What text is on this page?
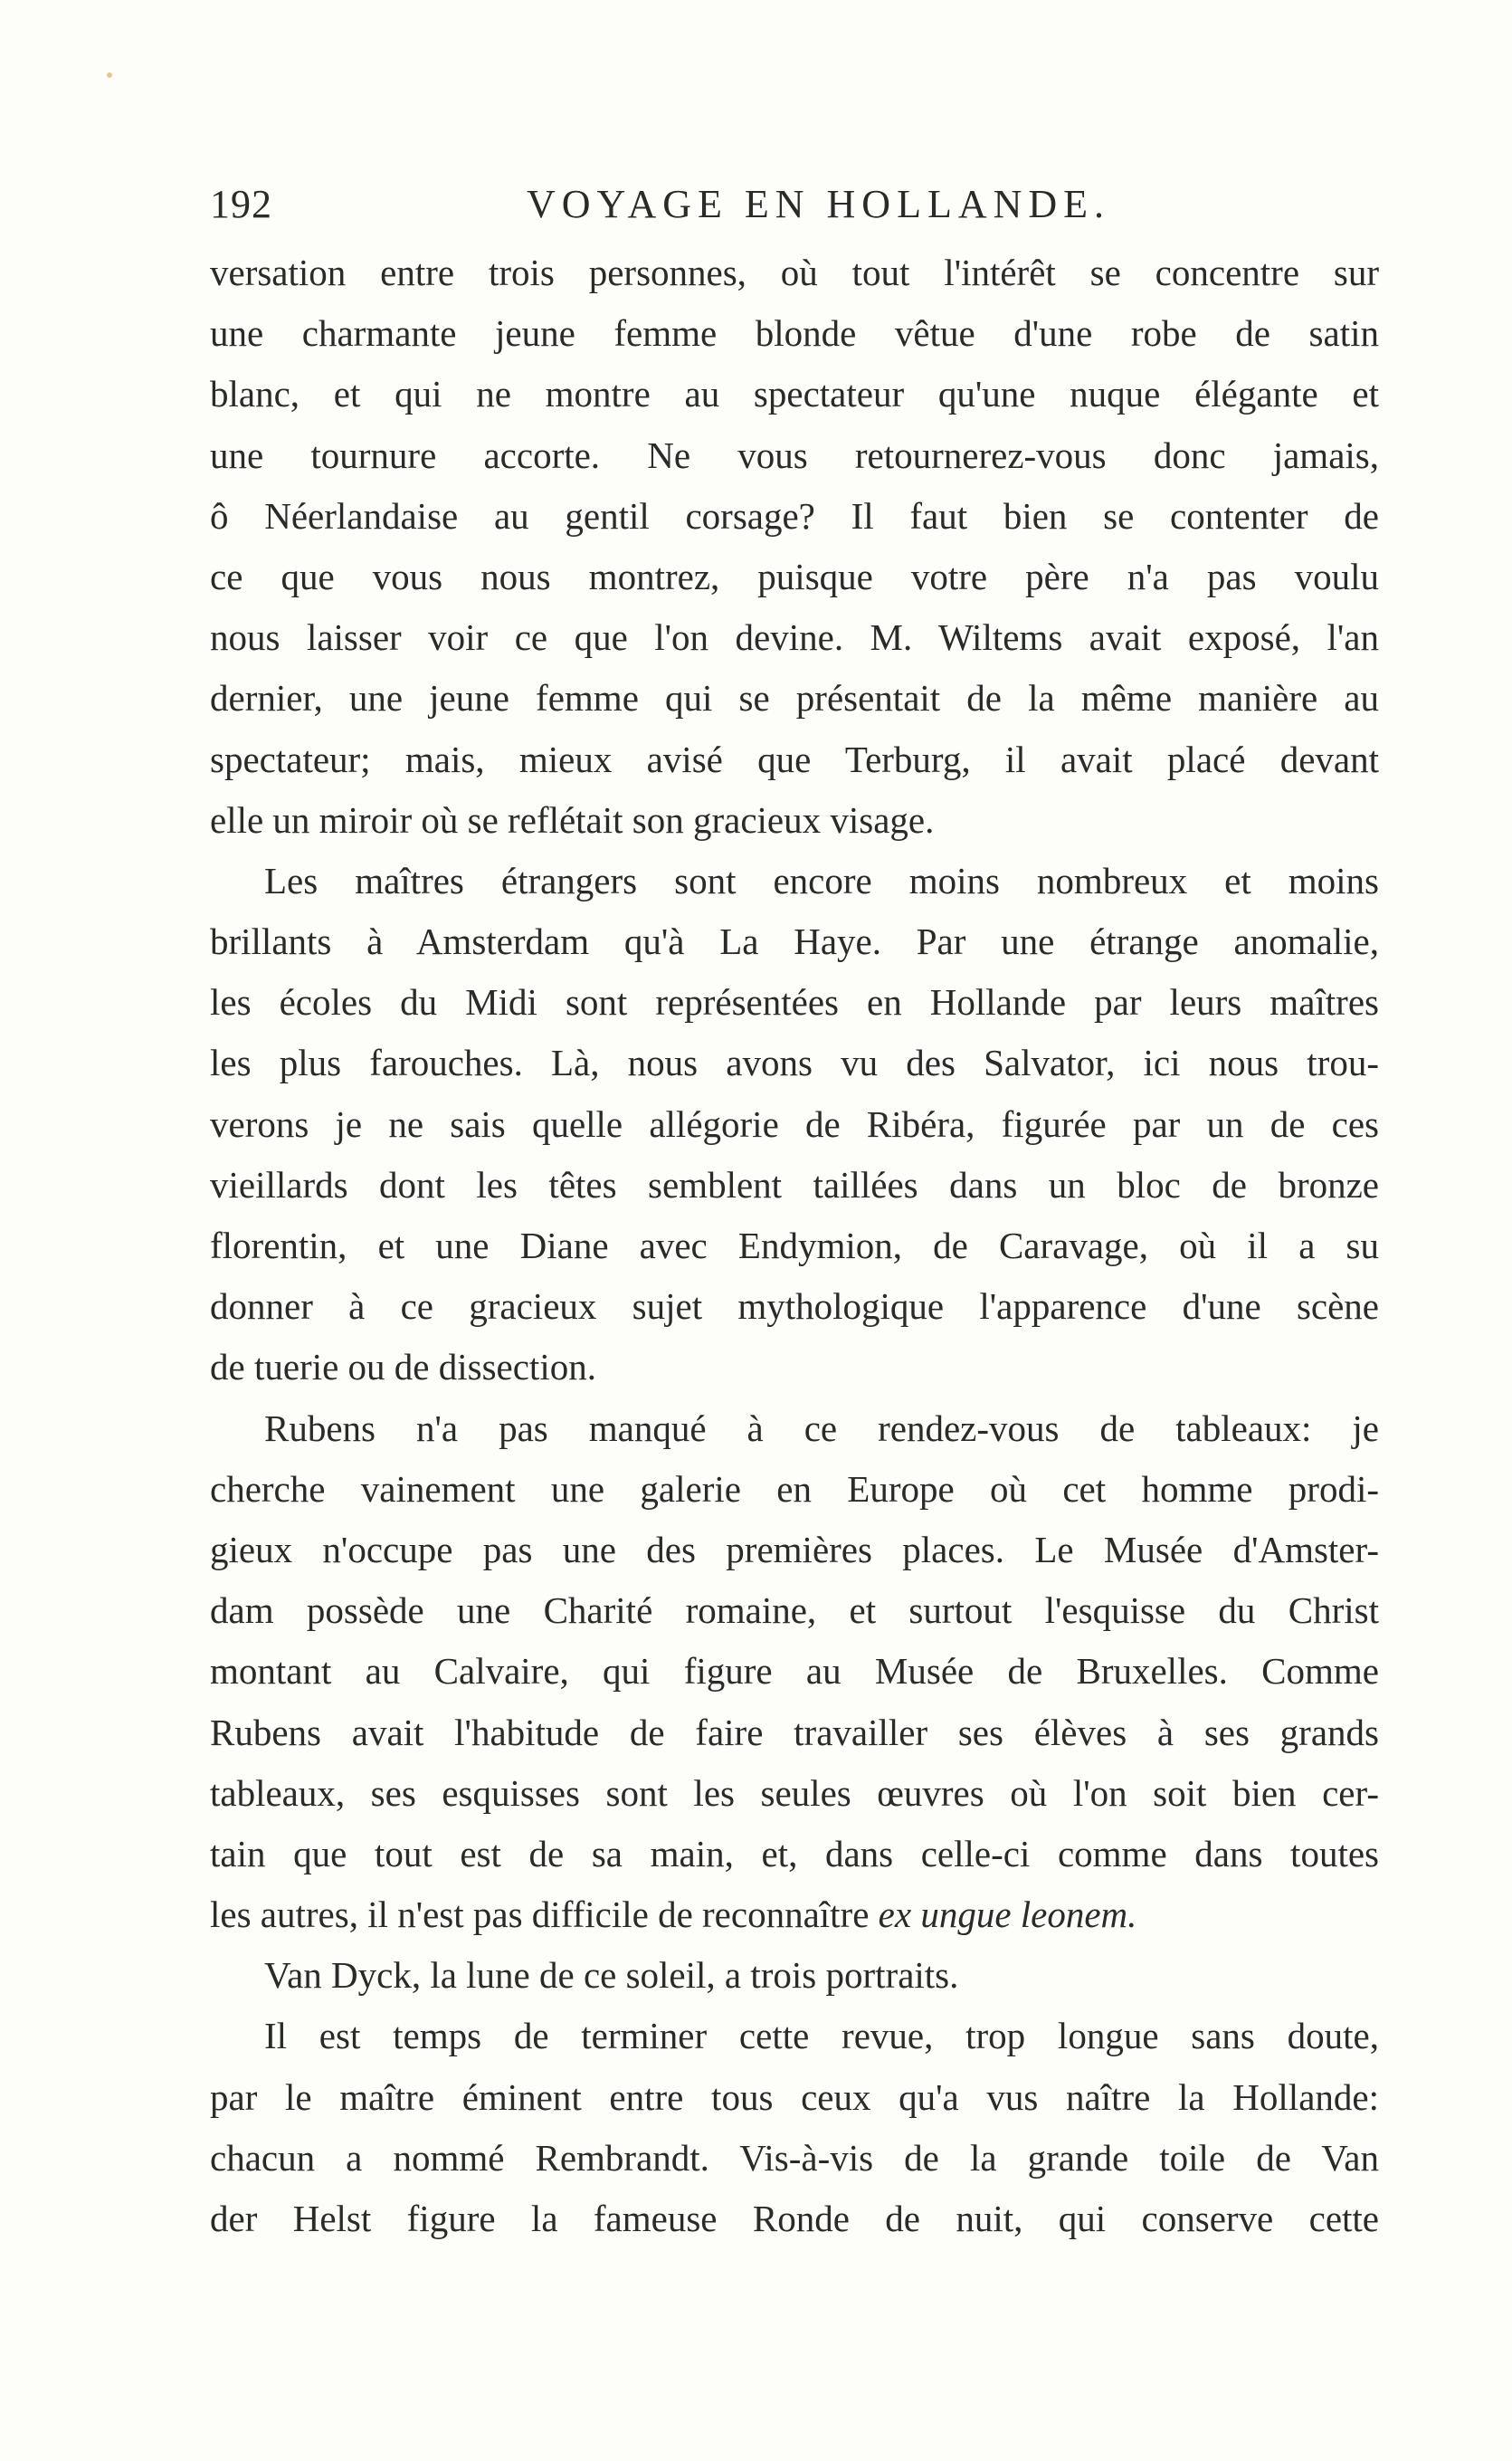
192	VOYAGE EN HOLLANDE.
versation entre trois personnes, où tout l'intérêt se concentre sur
une charmante jeune femme blonde vêtue d'une robe de satin
blanc, et qui ne montre au spectateur qu'une nuque élégante et
une tournure accorte. Ne vous retournerez-vous donc jamais,
ô Néerlandaise au gentil corsage? Il faut bien se contenter de
ce que vous nous montrez, puisque votre père n'a pas voulu
nous laisser voir ce que l'on devine. M. Wiltems avait exposé, l'an
dernier, une jeune femme qui se présentait de la même manière au
spectateur; mais, mieux avisé que Terburg, il avait placé devant
elle un miroir où se reflétait son gracieux visage.
Les maîtres étrangers sont encore moins nombreux et moins
brillants à Amsterdam qu'à La Haye. Par une étrange anomalie,
les écoles du Midi sont représentées en Hollande par leurs maîtres
les plus farouches. Là, nous avons vu des Salvator, ici nous trou-
verons je ne sais quelle allégorie de Ribéra, figurée par un de ces
vieillards dont les têtes semblent taillées dans un bloc de bronze
florentin, et une Diane avec Endymion, de Caravage, où il a su
donner à ce gracieux sujet mythologique l'apparence d'une scène
de tuerie ou de dissection.
Rubens n'a pas manqué à ce rendez-vous de tableaux: je
cherche vainement une galerie en Europe où cet homme prodi-
gieux n'occupe pas une des premières places. Le Musée d'Amster-
dam possède une Charité romaine, et surtout l'esquisse du Christ
montant au Calvaire, qui figure au Musée de Bruxelles. Comme
Rubens avait l'habitude de faire travailler ses élèves à ses grands
tableaux, ses esquisses sont les seules œuvres où l'on soit bien cer-
tain que tout est de sa main, et, dans celle-ci comme dans toutes
les autres, il n'est pas difficile de reconnaître ex ungue leonem.
Van Dyck, la lune de ce soleil, a trois portraits.
Il est temps de terminer cette revue, trop longue sans doute,
par le maître éminent entre tous ceux qu'a vus naître la Hollande:
chacun a nommé Rembrandt. Vis-à-vis de la grande toile de Van
der Helst figure la fameuse Ronde de nuit, qui conserve cette
